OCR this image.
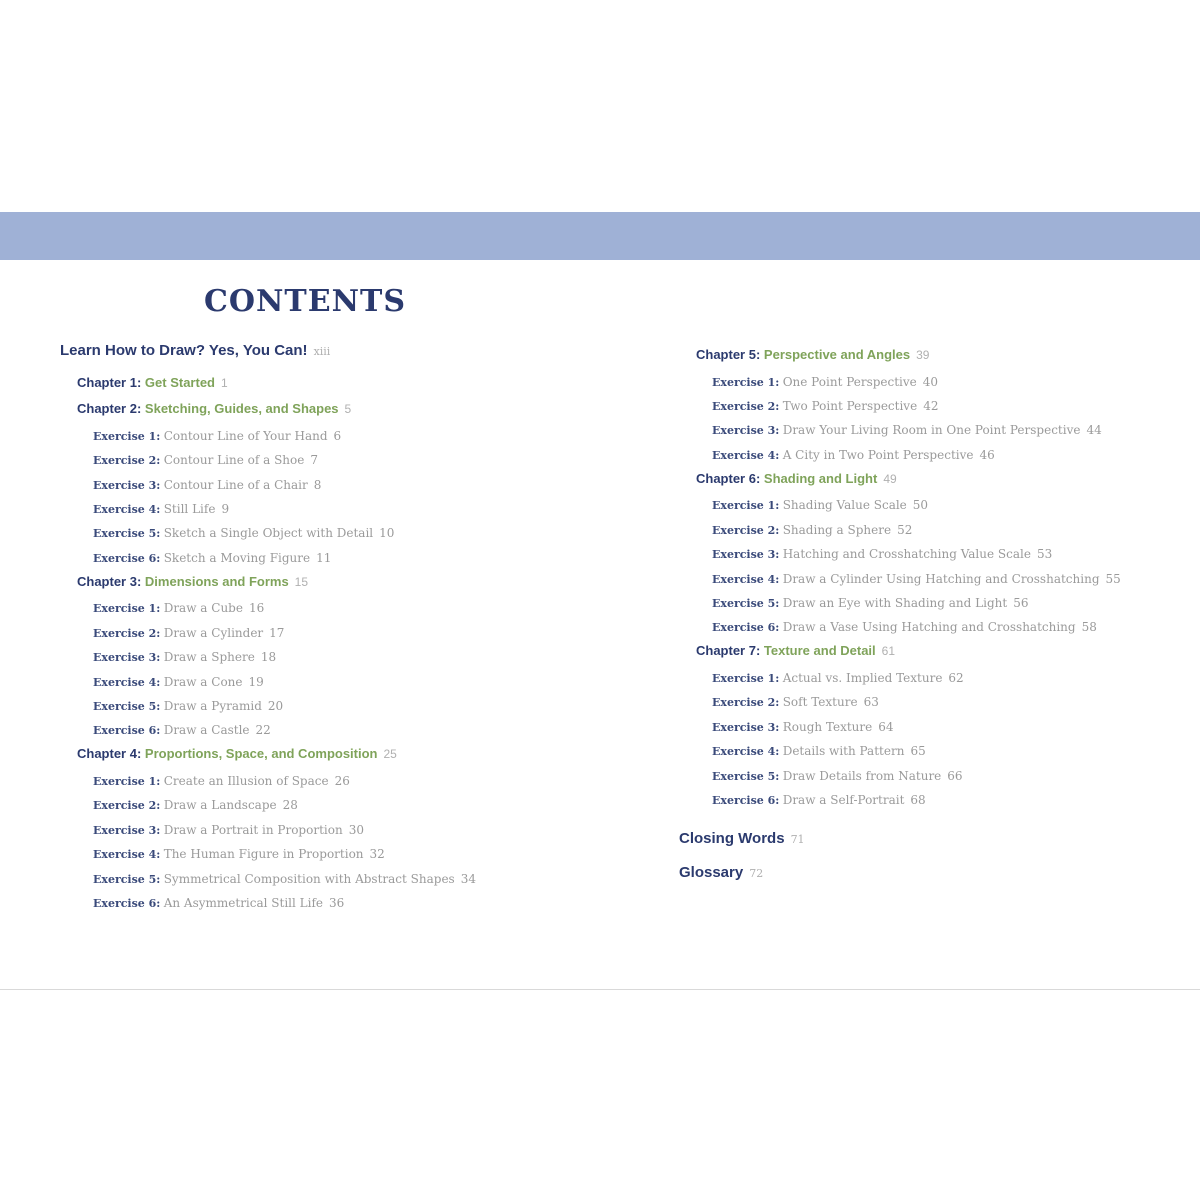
CONTENTS
Learn How to Draw? Yes, You Can! xiii
Chapter 1: Get Started 1
Chapter 2: Sketching, Guides, and Shapes 5
Exercise 1: Contour Line of Your Hand 6
Exercise 2: Contour Line of a Shoe 7
Exercise 3: Contour Line of a Chair 8
Exercise 4: Still Life 9
Exercise 5: Sketch a Single Object with Detail 10
Exercise 6: Sketch a Moving Figure 11
Chapter 3: Dimensions and Forms 15
Exercise 1: Draw a Cube 16
Exercise 2: Draw a Cylinder 17
Exercise 3: Draw a Sphere 18
Exercise 4: Draw a Cone 19
Exercise 5: Draw a Pyramid 20
Exercise 6: Draw a Castle 22
Chapter 4: Proportions, Space, and Composition 25
Exercise 1: Create an Illusion of Space 26
Exercise 2: Draw a Landscape 28
Exercise 3: Draw a Portrait in Proportion 30
Exercise 4: The Human Figure in Proportion 32
Exercise 5: Symmetrical Composition with Abstract Shapes 34
Exercise 6: An Asymmetrical Still Life 36
Chapter 5: Perspective and Angles 39
Exercise 1: One Point Perspective 40
Exercise 2: Two Point Perspective 42
Exercise 3: Draw Your Living Room in One Point Perspective 44
Exercise 4: A City in Two Point Perspective 46
Chapter 6: Shading and Light 49
Exercise 1: Shading Value Scale 50
Exercise 2: Shading a Sphere 52
Exercise 3: Hatching and Crosshatching Value Scale 53
Exercise 4: Draw a Cylinder Using Hatching and Crosshatching 55
Exercise 5: Draw an Eye with Shading and Light 56
Exercise 6: Draw a Vase Using Hatching and Crosshatching 58
Chapter 7: Texture and Detail 61
Exercise 1: Actual vs. Implied Texture 62
Exercise 2: Soft Texture 63
Exercise 3: Rough Texture 64
Exercise 4: Details with Pattern 65
Exercise 5: Draw Details from Nature 66
Exercise 6: Draw a Self-Portrait 68
Closing Words 71
Glossary 72
